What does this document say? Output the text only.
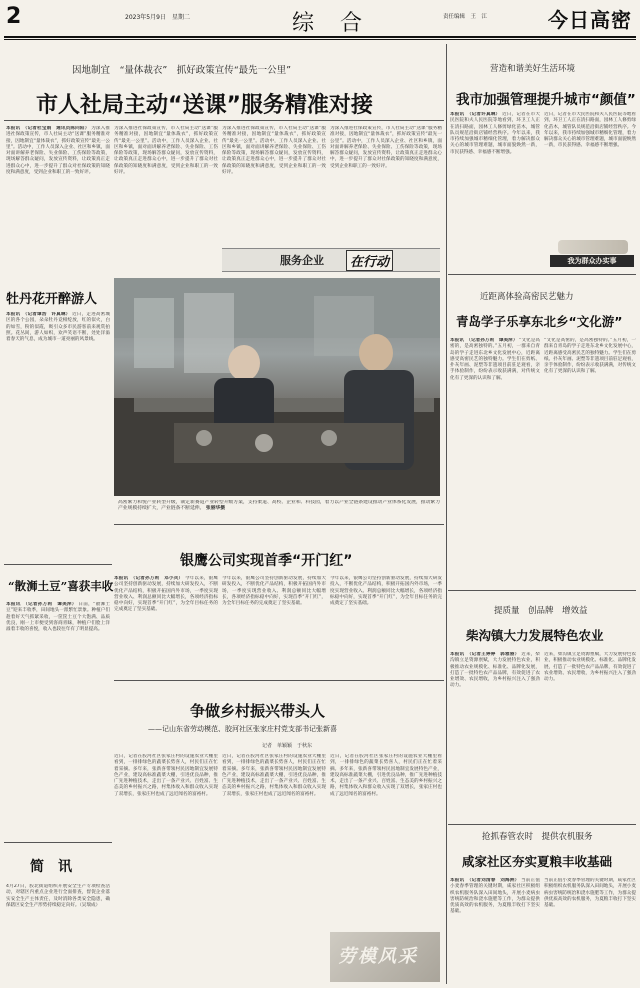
2	2023年5月9日 星期二	综　合	责任编辑　王　江	今日高密
因地制宜　“量体裁衣”　抓好政策宣传“最先一公里”
市人社局主动“送课”服务精准对接
本报讯　（记者杜宝娟　通讯员陈向阳） 为深入推进社保政策宣传，市人社局主动“送课”服务精准对接，因地制宜“量体裁衣”，抓好政策宣传“最先一公里”。活动中，工作人员深入企业、社区和乡镇，面对面讲解养老保险、失业保险、工伤保险等政策，现场解答群众疑问，发放宣传资料，让政策真正走进群众心中，进一步提升了群众对社保政策的知晓度和满意度，受到企业和职工的一致好评。
为深入推进社保政策宣传，市人社局主动“送课”服务精准对接，因地制宜“量体裁衣”，抓好政策宣传“最先一公里”。活动中，工作人员深入企业、社区和乡镇，面对面讲解养老保险、失业保险、工伤保险等政策，现场解答群众疑问，发放宣传资料，让政策真正走进群众心中，进一步提升了群众对社保政策的知晓度和满意度，受到企业和职工的一致好评。
为深入推进社保政策宣传，市人社局主动“送课”服务精准对接，因地制宜“量体裁衣”，抓好政策宣传“最先一公里”。活动中，工作人员深入企业、社区和乡镇，面对面讲解养老保险、失业保险、工伤保险等政策，现场解答群众疑问，发放宣传资料，让政策真正走进群众心中，进一步提升了群众对社保政策的知晓度和满意度，受到企业和职工的一致好评。
为深入推进社保政策宣传，市人社局主动“送课”服务精准对接，因地制宜“量体裁衣”，抓好政策宣传“最先一公里”。活动中，工作人员深入企业、社区和乡镇，面对面讲解养老保险、失业保险、工伤保险等政策，现场解答群众疑问，发放宣传资料，让政策真正走进群众心中，进一步提升了群众对社保政策的知晓度和满意度，受到企业和职工的一致好评。
服务企业	在行动
牡丹花开醉游人
本报讯　（记者谭浩　许真琳） 近日，走进高密城区的各个公园，朵朵牡丹竞相绽放，红的似火，白的如雪，粉的似霞，吸引众多市民游客前来观赏拍照。花丛间，游人如织，欢声笑语不断，处处洋溢着春天的气息，成为城市一道亮丽的风景线。
高密紫力和悦产业转型升级，制定新赛道产业转型升级方案，支持柔道、高校、企业和、科技园，着力以产业全链条建设推动产业体系化发展，推动紫力产业规模持续扩大，产业链条不断延伸。 张丽华摄
银鹰公司实现首季“开门红”
本报讯　（记者孙万莉　邓小兵） 今年以来，银鹰公司坚持创新驱动发展，持续加大研发投入，不断优化产品结构，积极开拓国内外市场，一季度实现营业收入、利润总额同比大幅增长，各项经济指标稳中向好，实现首季“开门红”，为全年目标任务的完成奠定了坚实基础。
今年以来，银鹰公司坚持创新驱动发展，持续加大研发投入，不断优化产品结构，积极开拓国内外市场，一季度实现营业收入、利润总额同比大幅增长，各项经济指标稳中向好，实现首季“开门红”，为全年目标任务的完成奠定了坚实基础。
今年以来，银鹰公司坚持创新驱动发展，持续加大研发投入，不断优化产品结构，积极开拓国内外市场，一季度实现营业收入、利润总额同比大幅增长，各项经济指标稳中向好，实现首季“开门红”，为全年目标任务的完成奠定了坚实基础。
“散浉土豆”喜获丰收
本报讯　（记者孙万莉　谭美萍） 日前，“散浉土豆”迎来丰收季，田间地头一派繁忙景象。种植户们趁着好天气抓紧采收，一筐筐土豆个大饱满、品质优良，刚一上市便受到客商青睐，种植户们脸上洋溢着丰收的喜悦，收入也较往年有了明显提高。
简　讯
4月27日，胶北街道组织开展安全生产专项检查活动，对辖区内重点企业进行全面排查，督促企业落实安全生产主体责任，及时消除各类安全隐患，确保辖区安全生产形势持续稳定向好。（吴瑞成）
争做乡村振兴带头人
——记山东省劳动模范、胶河社区张家庄村党支部书记张新喜
记者　单颖颖　于秋东
近日，记者在胶河社区张家庄村的设施农业大棚里看到，一排排绿色的蔬菜长势喜人，村民们正在忙着采摘。多年来，张新喜带领村民因地制宜发展特色产业，建设高标准蔬菜大棚，引进优良品种，推广先进种植技术，走出了一条产业兴、百姓富、生态美的乡村振兴之路，村集体收入和群众收入实现了双增长，张家庄村也成了远近闻名的富裕村。
近日，记者在胶河社区张家庄村的设施农业大棚里看到，一排排绿色的蔬菜长势喜人，村民们正在忙着采摘。多年来，张新喜带领村民因地制宜发展特色产业，建设高标准蔬菜大棚，引进优良品种，推广先进种植技术，走出了一条产业兴、百姓富、生态美的乡村振兴之路，村集体收入和群众收入实现了双增长，张家庄村也成了远近闻名的富裕村。
近日，记者在胶河社区张家庄村的设施农业大棚里看到，一排排绿色的蔬菜长势喜人，村民们正在忙着采摘。多年来，张新喜带领村民因地制宜发展特色产业，建设高标准蔬菜大棚，引进优良品种，推广先进种植技术，走出了一条产业兴、百姓富、生态美的乡村振兴之路，村集体收入和群众收入实现了双增长，张家庄村也成了远近闻名的富裕村。
劳模风采
营造和谐美好生活环境
我市加强管理提升城市“颜值”
本报讯　（记者许真琳） 近日，记者在市大民医院和夫人民医院等地看到，环卫工人正在清扫路面，园林工人修剪绿化苗木，城管队员规范沿街店铺经营秩序。今年以来，我市持续加强城市精细化管理，着力解决群众关心的城市管理难题，城市面貌焕然一新，市民获得感、幸福感不断增强。
近日，记者在市大民医院和夫人民医院等地看到，环卫工人正在清扫路面，园林工人修剪绿化苗木，城管队员规范沿街店铺经营秩序。今年以来，我市持续加强城市精细化管理，着力解决群众关心的城市管理难题，城市面貌焕然一新，市民获得感、幸福感不断增强。
我为群众办实事
近距离体验高密民艺魅力
青岛学子乐享东北乡“文化游”
本报讯　（记者孙万莉　谭美萍） “文化是高密的，是高密独特的。”五月初，一群来自青岛的学子走进东北乡文化发展中心，近距离感受高密民艺的独特魅力。学生们在剪纸、扑灰年画、泥塑等非遗项目前驻足观看，亲手体验制作，纷纷表示收获满满，对传统文化有了更深的认识和了解。
“文化是高密的，是高密独特的。”五月初，一群来自青岛的学子走进东北乡文化发展中心，近距离感受高密民艺的独特魅力。学生们在剪纸、扑灰年画、泥塑等非遗项目前驻足观看，亲手体验制作，纷纷表示收获满满，对传统文化有了更深的认识和了解。
提质量　创品牌　增效益
柴沟镇大力发展特色农业
本报讯　（记者王婷婷　郭雅丽） 近来，柴沟镇立足资源禀赋，大力发展特色农业，积极推动农业规模化、标准化、品牌化发展，打造了一批特色农产品品牌，有效促进了农业增效、农民增收，为乡村振兴注入了强劲动力。
近来，柴沟镇立足资源禀赋，大力发展特色农业，积极推动农业规模化、标准化、品牌化发展，打造了一批特色农产品品牌，有效促进了农业增效、农民增收，为乡村振兴注入了强劲动力。
抢抓春管农时　提供农机服务
咸家社区夯实夏粮丰收基础
本报讯　（记者刘清春　刘海洲） 当前正值小麦春季管理的关键时期，咸家社区积极组织农机服务队深入田间地头，开展小麦病虫害统防统治和浇水施肥等工作，为群众提供优质高效的农机服务，为夏粮丰收打下坚实基础。
当前正值小麦春季管理的关键时期，咸家社区积极组织农机服务队深入田间地头，开展小麦病虫害统防统治和浇水施肥等工作，为群众提供优质高效的农机服务，为夏粮丰收打下坚实基础。
